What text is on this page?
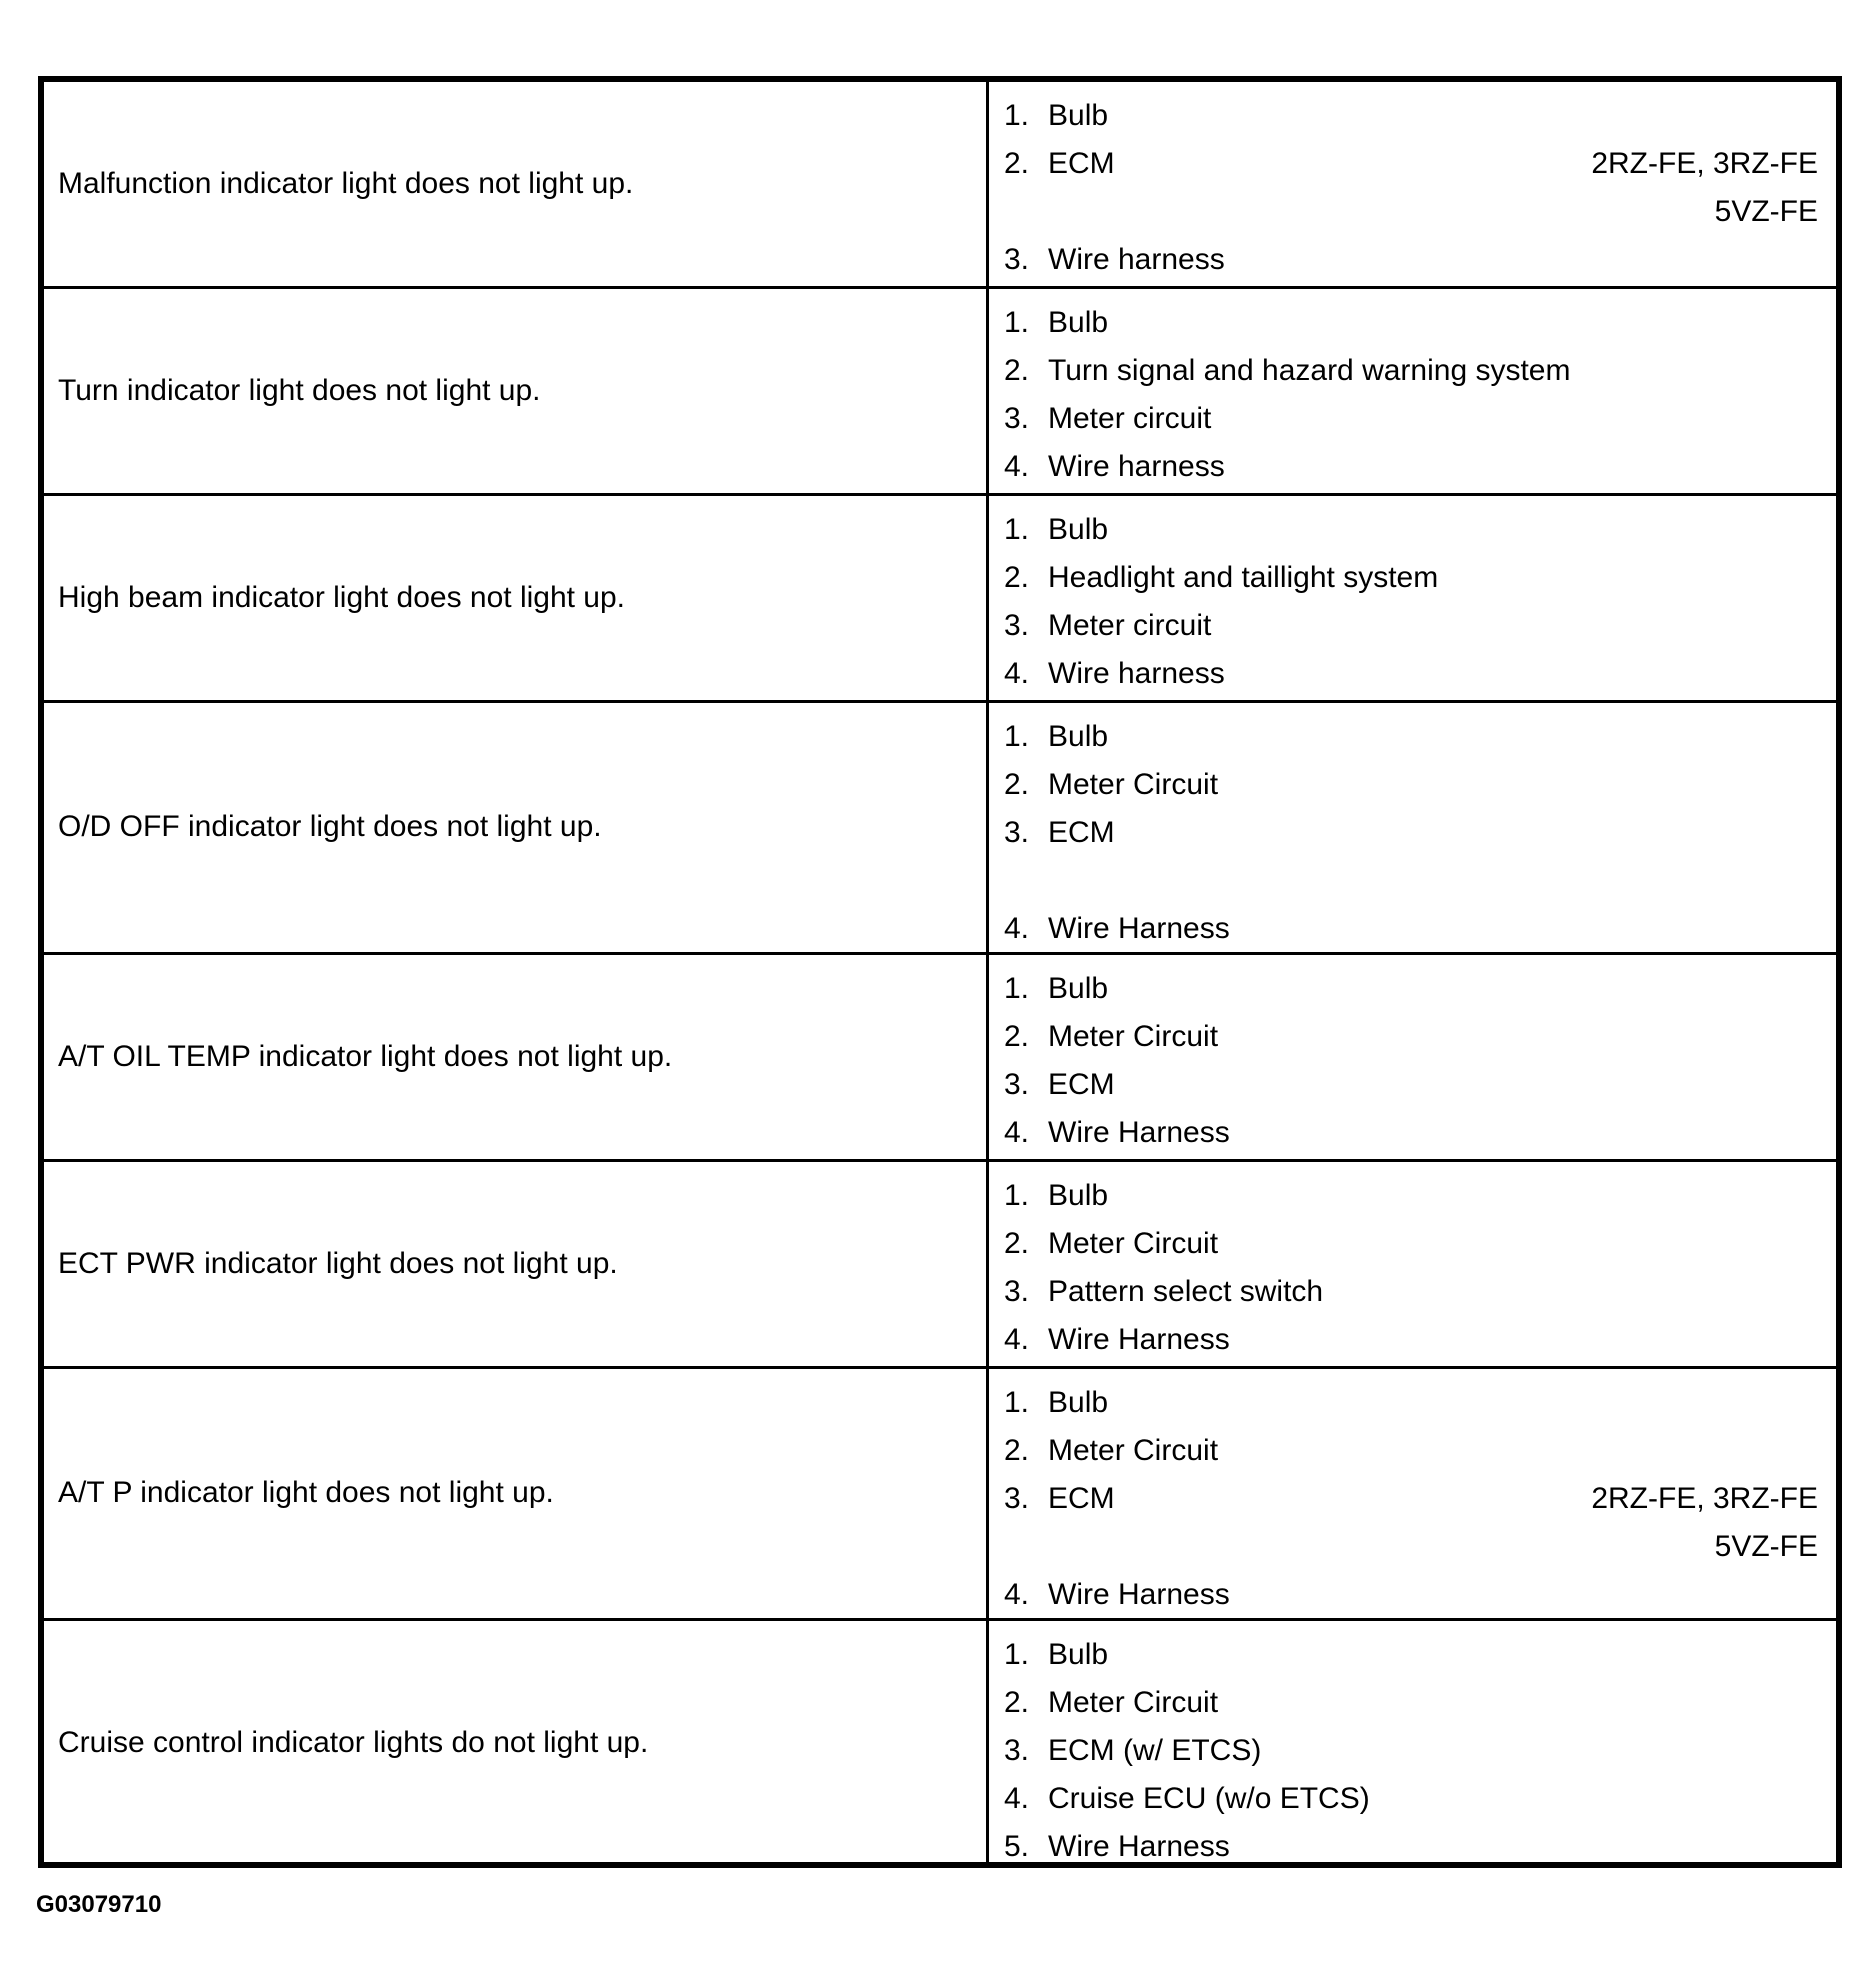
Malfunction indicator light does not light up.
1. Bulb
2. ECM	2RZ-FE, 3RZ-FE
5VZ-FE
3. Wire harness
Turn indicator light does not light up.
1. Bulb
2. Turn signal and hazard warning system
3. Meter circuit
4. Wire harness
High beam indicator light does not light up.
1. Bulb
2. Headlight and taillight system
3. Meter circuit
4. Wire harness
O/D OFF indicator light does not light up.
1. Bulb
2. Meter Circuit
3. ECM
4. Wire Harness
A/T OIL TEMP indicator light does not light up.
1. Bulb
2. Meter Circuit
3. ECM
4. Wire Harness
ECT PWR indicator light does not light up.
1. Bulb
2. Meter Circuit
3. Pattern select switch
4. Wire Harness
A/T P indicator light does not light up.
1. Bulb
2. Meter Circuit
3. ECM	2RZ-FE, 3RZ-FE
5VZ-FE
4. Wire Harness
Cruise control indicator lights do not light up.
1. Bulb
2. Meter Circuit
3. ECM (w/ ETCS)
4. Cruise ECU (w/o ETCS)
5. Wire Harness
G03079710
